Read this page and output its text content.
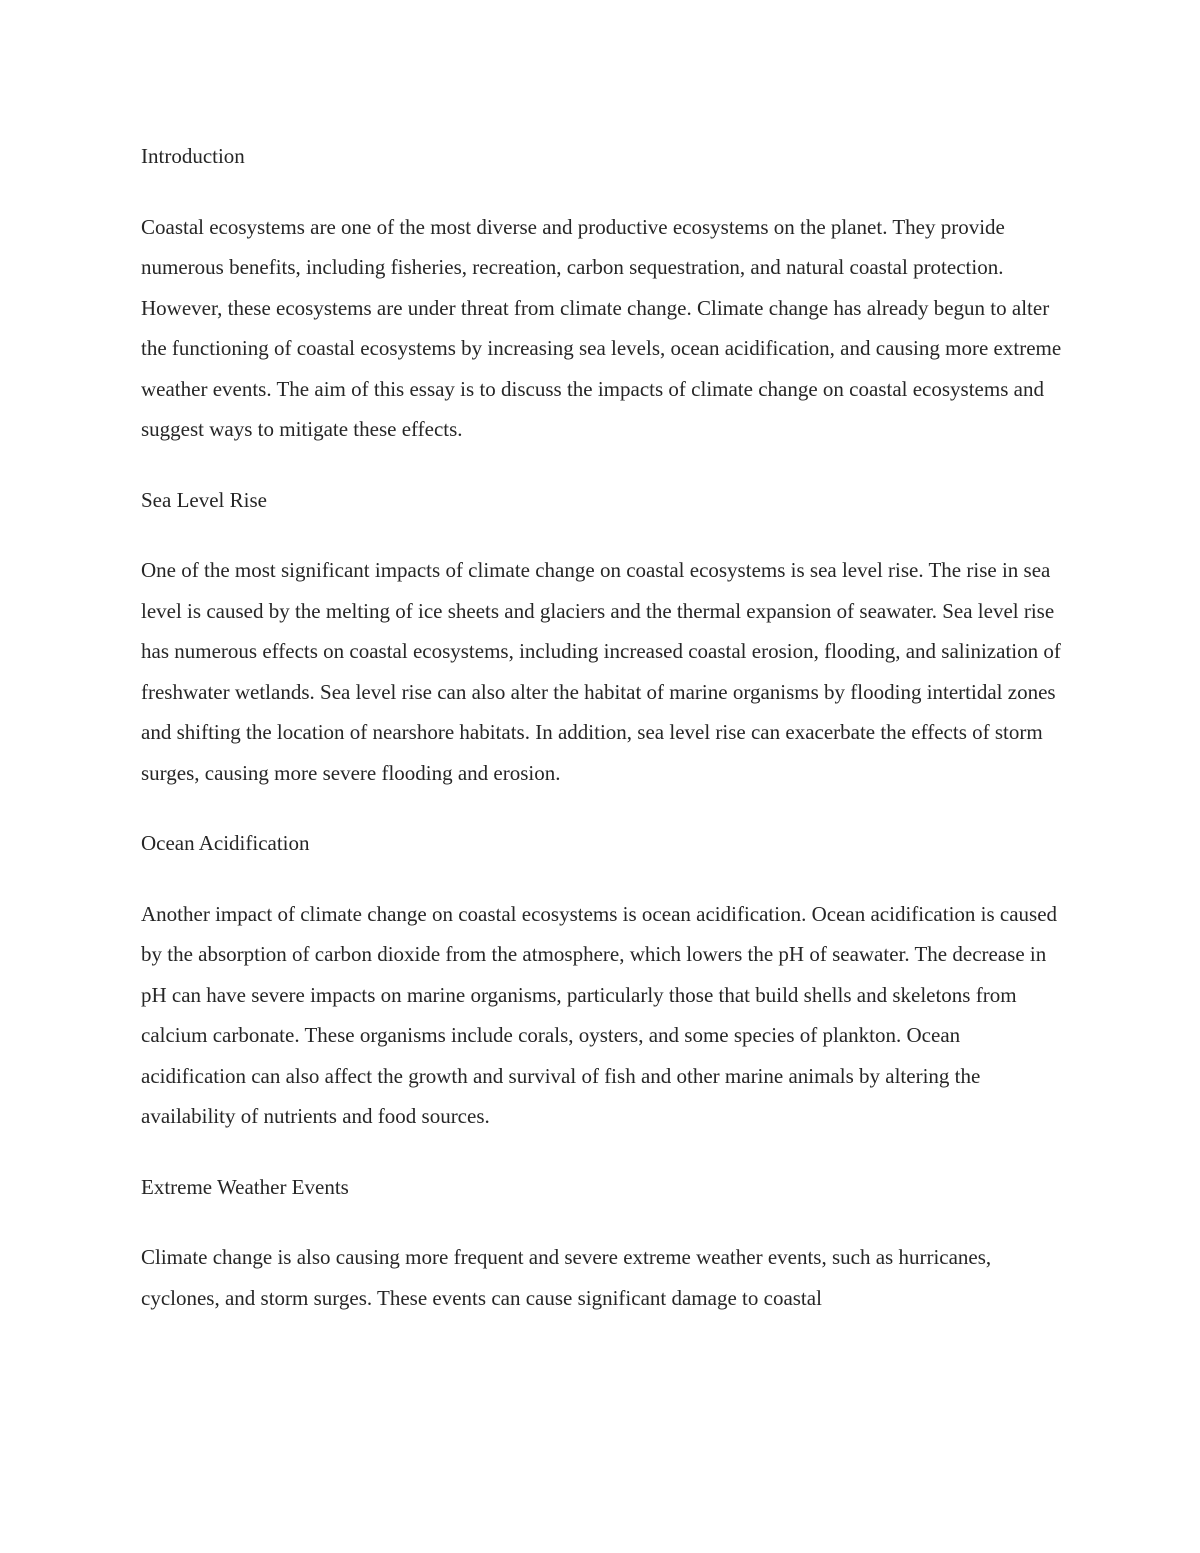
Introduction

Coastal ecosystems are one of the most diverse and productive ecosystems on the planet. They provide numerous benefits, including fisheries, recreation, carbon sequestration, and natural coastal protection. However, these ecosystems are under threat from climate change. Climate change has already begun to alter the functioning of coastal ecosystems by increasing sea levels, ocean acidification, and causing more extreme weather events. The aim of this essay is to discuss the impacts of climate change on coastal ecosystems and suggest ways to mitigate these effects.

Sea Level Rise

One of the most significant impacts of climate change on coastal ecosystems is sea level rise. The rise in sea level is caused by the melting of ice sheets and glaciers and the thermal expansion of seawater. Sea level rise has numerous effects on coastal ecosystems, including increased coastal erosion, flooding, and salinization of freshwater wetlands. Sea level rise can also alter the habitat of marine organisms by flooding intertidal zones and shifting the location of nearshore habitats. In addition, sea level rise can exacerbate the effects of storm surges, causing more severe flooding and erosion.

Ocean Acidification

Another impact of climate change on coastal ecosystems is ocean acidification. Ocean acidification is caused by the absorption of carbon dioxide from the atmosphere, which lowers the pH of seawater. The decrease in pH can have severe impacts on marine organisms, particularly those that build shells and skeletons from calcium carbonate. These organisms include corals, oysters, and some species of plankton. Ocean acidification can also affect the growth and survival of fish and other marine animals by altering the availability of nutrients and food sources.

Extreme Weather Events

Climate change is also causing more frequent and severe extreme weather events, such as hurricanes, cyclones, and storm surges. These events can cause significant damage to coastal
